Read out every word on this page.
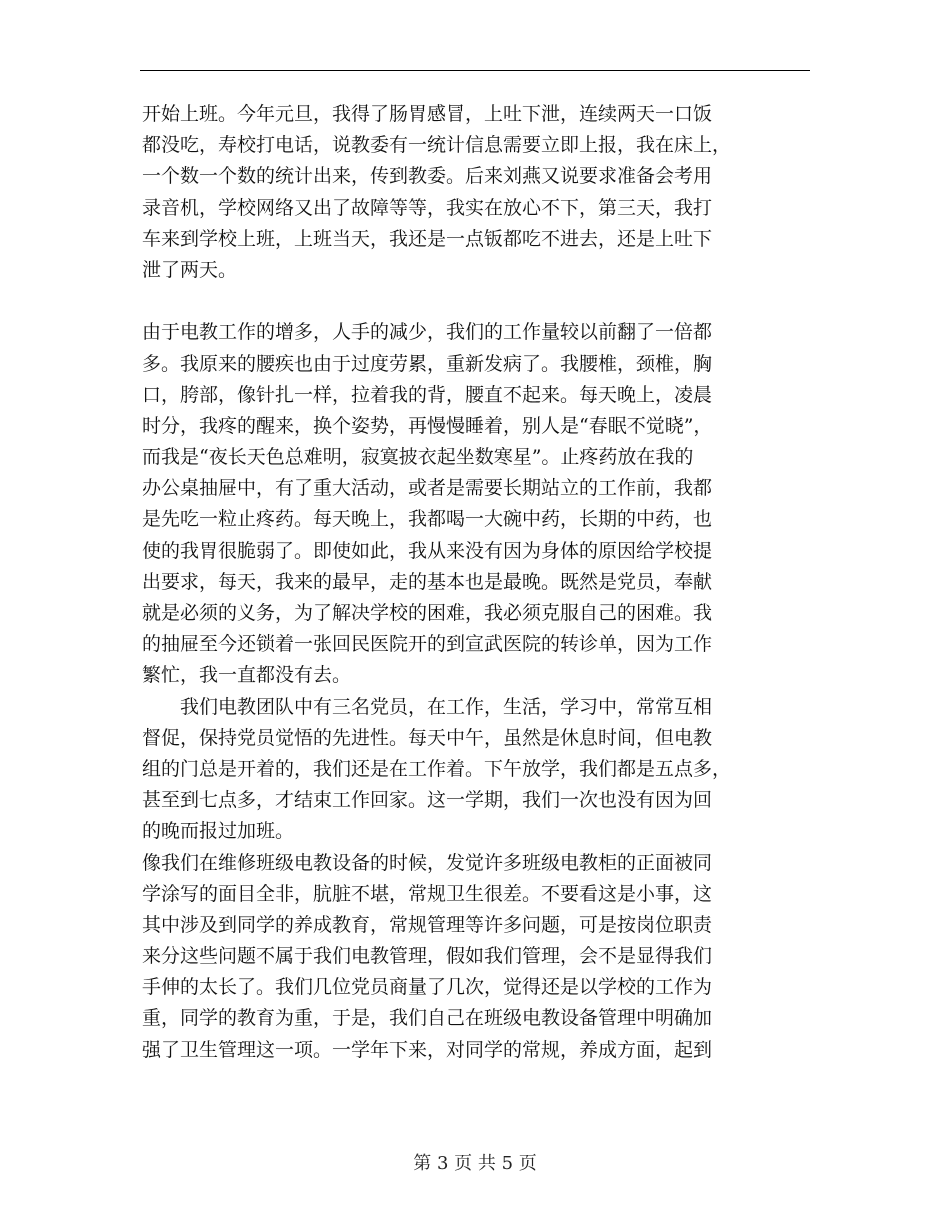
开始上班。今年元旦，我得了肠胃感冒，上吐下泄，连续两天一口饭
都没吃，寿校打电话，说教委有一统计信息需要立即上报，我在床上，
一个数一个数的统计出来，传到教委。后来刘燕又说要求准备会考用
录音机，学校网络又出了故障等等，我实在放心不下，第三天，我打
车来到学校上班，上班当天，我还是一点钣都吃不进去，还是上吐下
泄了两天。
由于电教工作的增多，人手的减少，我们的工作量较以前翻了一倍都
多。我原来的腰疾也由于过度劳累，重新发病了。我腰椎，颈椎，胸
口，胯部，像针扎一样，拉着我的背，腰直不起来。每天晚上，凌晨
时分，我疼的醒来，换个姿势，再慢慢睡着，别人是“春眠不觉晓”，
而我是“夜长天色总难明，寂寞披衣起坐数寒星”。止疼药放在我的
办公桌抽屉中，有了重大活动，或者是需要长期站立的工作前，我都
是先吃一粒止疼药。每天晚上，我都喝一大碗中药，长期的中药，也
使的我胃很脆弱了。即使如此，我从来没有因为身体的原因给学校提
出要求，每天，我来的最早，走的基本也是最晚。既然是党员，奉献
就是必须的义务，为了解决学校的困难，我必须克服自己的困难。我
的抽屉至今还锁着一张回民医院开的到宣武医院的转诊单，因为工作
繁忙，我一直都没有去。
我们电教团队中有三名党员，在工作，生活，学习中，常常互相
督促，保持党员觉悟的先进性。每天中午，虽然是休息时间，但电教
组的门总是开着的，我们还是在工作着。下午放学，我们都是五点多，
甚至到七点多，才结束工作回家。这一学期，我们一次也没有因为回
的晚而报过加班。
像我们在维修班级电教设备的时候，发觉许多班级电教柜的正面被同
学涂写的面目全非，肮脏不堪，常规卫生很差。不要看这是小事，这
其中涉及到同学的养成教育，常规管理等许多问题，可是按岗位职责
来分这些问题不属于我们电教管理，假如我们管理，会不是显得我们
手伸的太长了。我们几位党员商量了几次，觉得还是以学校的工作为
重，同学的教育为重，于是，我们自己在班级电教设备管理中明确加
强了卫生管理这一项。一学年下来，对同学的常规，养成方面，起到
第 3 页 共 5 页
